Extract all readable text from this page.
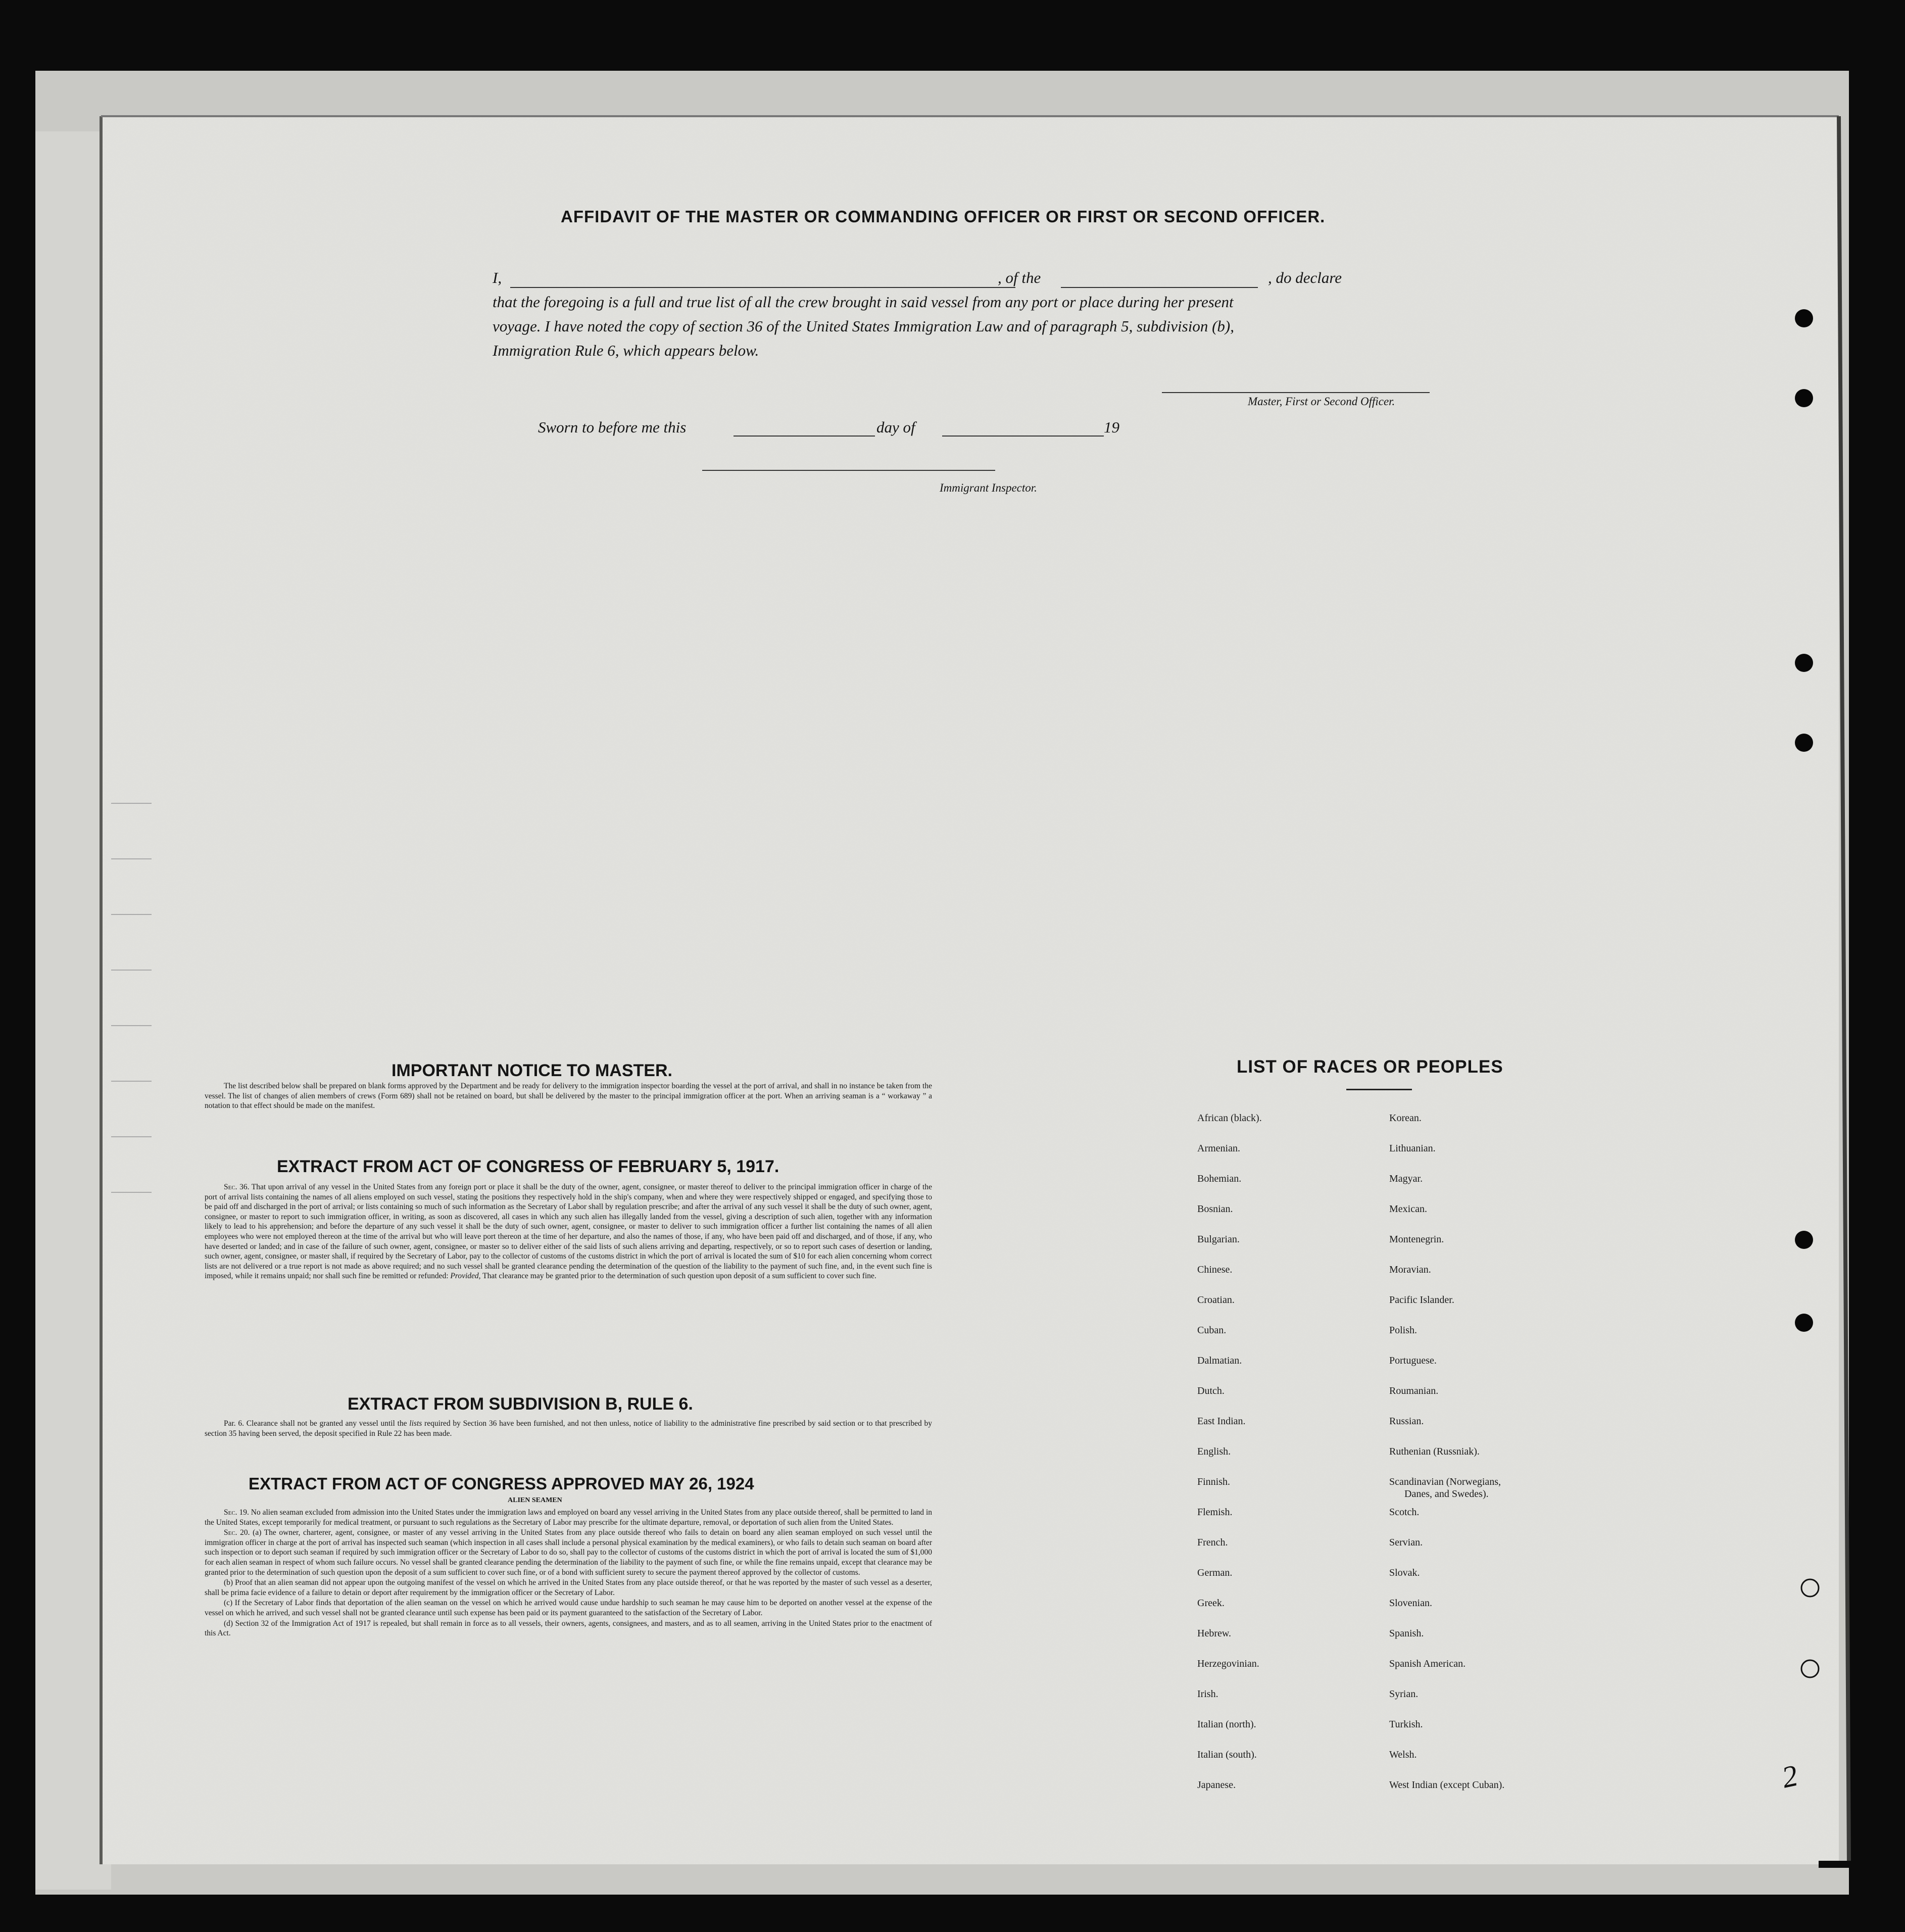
AFFIDAVIT OF THE MASTER OR COMMANDING OFFICER OR FIRST OR SECOND OFFICER.
I,	, of the	, do declare
that the foregoing is a full and true list of all the crew brought in said vessel from any port or place during her present
voyage. I have noted the copy of section 36 of the United States Immigration Law and of paragraph 5, subdivision (b),
Immigration Rule 6, which appears below.
Master, First or Second Officer.
Sworn to before me this	day of	19
Immigrant Inspector.
IMPORTANT NOTICE TO MASTER.

The list described below shall be prepared on blank forms approved by the Department and be ready for delivery to the immigration inspector boarding the vessel at the port of arrival, and shall in no instance be taken from the vessel. The list of changes of alien members of crews (Form 689) shall not be retained on board, but shall be delivered by the master to the principal immigration officer at the port. When an arriving seaman is a “ workaway ” a notation to that effect should be made on the manifest.

EXTRACT FROM ACT OF CONGRESS OF FEBRUARY 5, 1917.

Sec. 36. That upon arrival of any vessel in the United States from any foreign port or place it shall be the duty of the owner, agent, consignee, or master thereof to deliver to the principal immigration officer in charge of the port of arrival lists containing the names of all aliens employed on such vessel, stating the positions they respectively hold in the ship's company, when and where they were respectively shipped or engaged, and specifying those to be paid off and discharged in the port of arrival; or lists containing so much of such information as the Secretary of Labor shall by regulation prescribe; and after the arrival of any such vessel it shall be the duty of such owner, agent, consignee, or master to report to such immigration officer, in writing, as soon as discovered, all cases in which any such alien has illegally landed from the vessel, giving a description of such alien, together with any information likely to lead to his apprehension; and before the departure of any such vessel it shall be the duty of such owner, agent, consignee, or master to deliver to such immigration officer a further list containing the names of all alien employees who were not employed thereon at the time of the arrival but who will leave port thereon at the time of her departure, and also the names of those, if any, who have been paid off and discharged, and of those, if any, who have deserted or landed; and in case of the failure of such owner, agent, consignee, or master so to deliver either of the said lists of such aliens arriving and departing, respectively, or so to report such cases of desertion or landing, such owner, agent, consignee, or master shall, if required by the Secretary of Labor, pay to the collector of customs of the customs district in which the port of arrival is located the sum of $10 for each alien concerning whom correct lists are not delivered or a true report is not made as above required; and no such vessel shall be granted clearance pending the determination of the question of the liability to the payment of such fine, and, in the event such fine is imposed, while it remains unpaid; nor shall such fine be remitted or refunded: Provided, That clearance may be granted prior to the determination of such question upon deposit of a sum sufficient to cover such fine.

EXTRACT FROM SUBDIVISION B, RULE 6.

Par. 6. Clearance shall not be granted any vessel until the lists required by Section 36 have been furnished, and not then unless, notice of liability to the administrative fine prescribed by said section or to that prescribed by section 35 having been served, the deposit specified in Rule 22 has been made.

EXTRACT FROM ACT OF CONGRESS APPROVED MAY 26, 1924
ALIEN SEAMEN

Sec. 19. No alien seaman excluded from admission into the United States under the immigration laws and employed on board any vessel arriving in the United States from any place outside thereof, shall be permitted to land in the United States, except temporarily for medical treatment, or pursuant to such regulations as the Secretary of Labor may prescribe for the ultimate departure, removal, or deportation of such alien from the United States.

Sec. 20. (a) The owner, charterer, agent, consignee, or master of any vessel arriving in the United States from any place outside thereof who fails to detain on board any alien seaman employed on such vessel until the immigration officer in charge at the port of arrival has inspected such seaman (which inspection in all cases shall include a personal physical examination by the medical examiners), or who fails to detain such seaman on board after such inspection or to deport such seaman if required by such immigration officer or the Secretary of Labor to do so, shall pay to the collector of customs of the customs district in which the port of arrival is located the sum of $1,000 for each alien seaman in respect of whom such failure occurs. No vessel shall be granted clearance pending the determination of the liability to the payment of such fine, or while the fine remains unpaid, except that clearance may be granted prior to the determination of such question upon the deposit of a sum sufficient to cover such fine, or of a bond with sufficient surety to secure the payment thereof approved by the collector of customs.

(b) Proof that an alien seaman did not appear upon the outgoing manifest of the vessel on which he arrived in the United States from any place outside thereof, or that he was reported by the master of such vessel as a deserter, shall be prima facie evidence of a failure to detain or deport after requirement by the immigration officer or the Secretary of Labor.

(c) If the Secretary of Labor finds that deportation of the alien seaman on the vessel on which he arrived would cause undue hardship to such seaman he may cause him to be deported on another vessel at the expense of the vessel on which he arrived, and such vessel shall not be granted clearance until such expense has been paid or its payment guaranteed to the satisfaction of the Secretary of Labor.

(d) Section 32 of the Immigration Act of 1917 is repealed, but shall remain in force as to all vessels, their owners, agents, consignees, and masters, and as to all seamen, arriving in the United States prior to the enactment of this Act.

LIST OF RACES OR PEOPLES
African (black).
Armenian.
Bohemian.
Bosnian.
Bulgarian.
Chinese.
Croatian.
Cuban.
Dalmatian.
Dutch.
East Indian.
English.
Finnish.
Flemish.
French.
German.
Greek.
Hebrew.
Herzegovinian.
Irish.
Italian (north).
Italian (south).
Japanese.
Korean.
Lithuanian.
Magyar.
Mexican.
Montenegrin.
Moravian.
Pacific Islander.
Polish.
Portuguese.
Roumanian.
Russian.
Ruthenian (Russniak).
Scandinavian (Norwegians,
Danes, and Swedes).
Scotch.
Servian.
Slovak.
Slovenian.
Spanish.
Spanish American.
Syrian.
Turkish.
Welsh.
West Indian (except Cuban).	2
